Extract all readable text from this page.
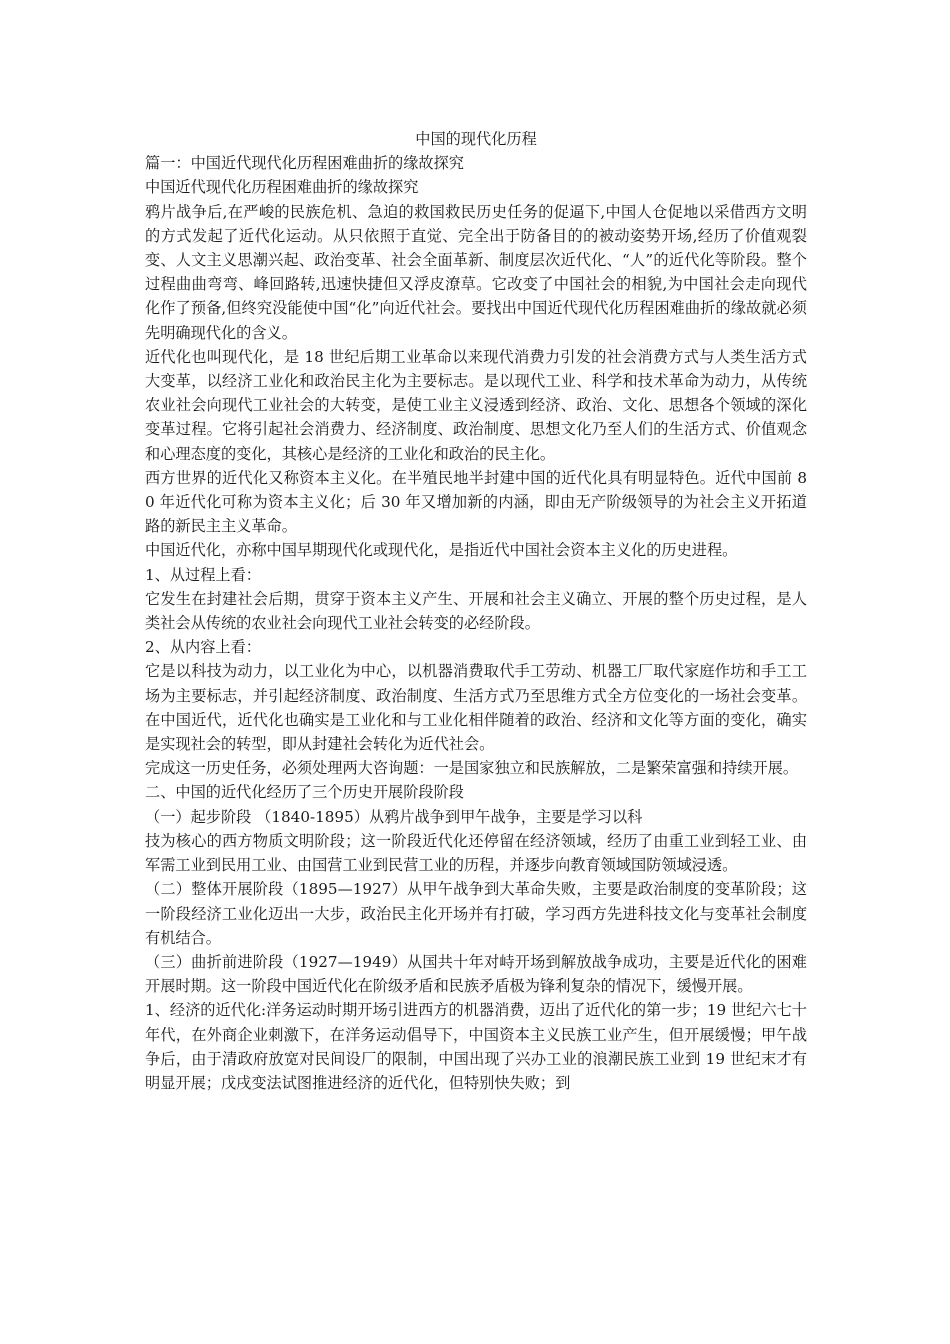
中国的现代化历程

篇一：中国近代现代化历程困难曲折的缘故探究

中国近代现代化历程困难曲折的缘故探究

鸦片战争后,在严峻的民族危机、急迫的救国救民历史任务的促逼下,中国人仓促地以采借西方文明的方式发起了近代化运动。从只依照于直觉、完全出于防备目的的被动姿势开场,经历了价值观裂变、人文主义思潮兴起、政治变革、社会全面革新、制度层次近代化、“人”的近代化等阶段。整个过程曲曲弯弯、峰回路转,迅速快捷但又浮皮潦草。它改变了中国社会的相貌,为中国社会走向现代化作了预备,但终究没能使中国“化”向近代社会。要找出中国近代现代化历程困难曲折的缘故就必须先明确现代化的含义。

近代化也叫现代化，是 18 世纪后期工业革命以来现代消费力引发的社会消费方式与人类生活方式大变革，以经济工业化和政治民主化为主要标志。是以现代工业、科学和技术革命为动力，从传统农业社会向现代工业社会的大转变，是使工业主义浸透到经济、政治、文化、思想各个领域的深化变革过程。它将引起社会消费力、经济制度、政治制度、思想文化乃至人们的生活方式、价值观念和心理态度的变化，其核心是经济的工业化和政治的民主化。

西方世界的近代化又称资本主义化。在半殖民地半封建中国的近代化具有明显特色。近代中国前 80 年近代化可称为资本主义化；后 30 年又增加新的内涵，即由无产阶级领导的为社会主义开拓道路的新民主主义革命。

中国近代化，亦称中国早期现代化或现代化，是指近代中国社会资本主义化的历史进程。

1、从过程上看：

它发生在封建社会后期，贯穿于资本主义产生、开展和社会主义确立、开展的整个历史过程，是人类社会从传统的农业社会向现代工业社会转变的必经阶段。

2、从内容上看：

它是以科技为动力，以工业化为中心，以机器消费取代手工劳动、机器工厂取代家庭作坊和手工工场为主要标志，并引起经济制度、政治制度、生活方式乃至思维方式全方位变化的一场社会变革。在中国近代，近代化也确实是工业化和与工业化相伴随着的政治、经济和文化等方面的变化，确实是实现社会的转型，即从封建社会转化为近代社会。

完成这一历史任务，必须处理两大咨询题：一是国家独立和民族解放，二是繁荣富强和持续开展。

二、中国的近代化经历了三个历史开展阶段阶段

（一）起步阶段 （1840-1895）从鸦片战争到甲午战争，主要是学习以科

技为核心的西方物质文明阶段；这一阶段近代化还停留在经济领域，经历了由重工业到轻工业、由军需工业到民用工业、由国营工业到民营工业的历程，并逐步向教育领域国防领域浸透。

（二）整体开展阶段（1895—1927）从甲午战争到大革命失败，主要是政治制度的变革阶段；这一阶段经济工业化迈出一大步，政治民主化开场并有打破，学习西方先进科技文化与变革社会制度有机结合。

（三）曲折前进阶段（1927—1949）从国共十年对峙开场到解放战争成功，主要是近代化的困难开展时期。这一阶段中国近代化在阶级矛盾和民族矛盾极为锋利复杂的情况下，缓慢开展。

1、经济的近代化:洋务运动时期开场引进西方的机器消费，迈出了近代化的第一步；19 世纪六七十年代，在外商企业刺激下，在洋务运动倡导下，中国资本主义民族工业产生，但开展缓慢；甲午战争后，由于清政府放宽对民间设厂的限制，中国出现了兴办工业的浪潮民族工业到 19 世纪末才有明显开展；戊戌变法试图推进经济的近代化，但特别快失败；到
